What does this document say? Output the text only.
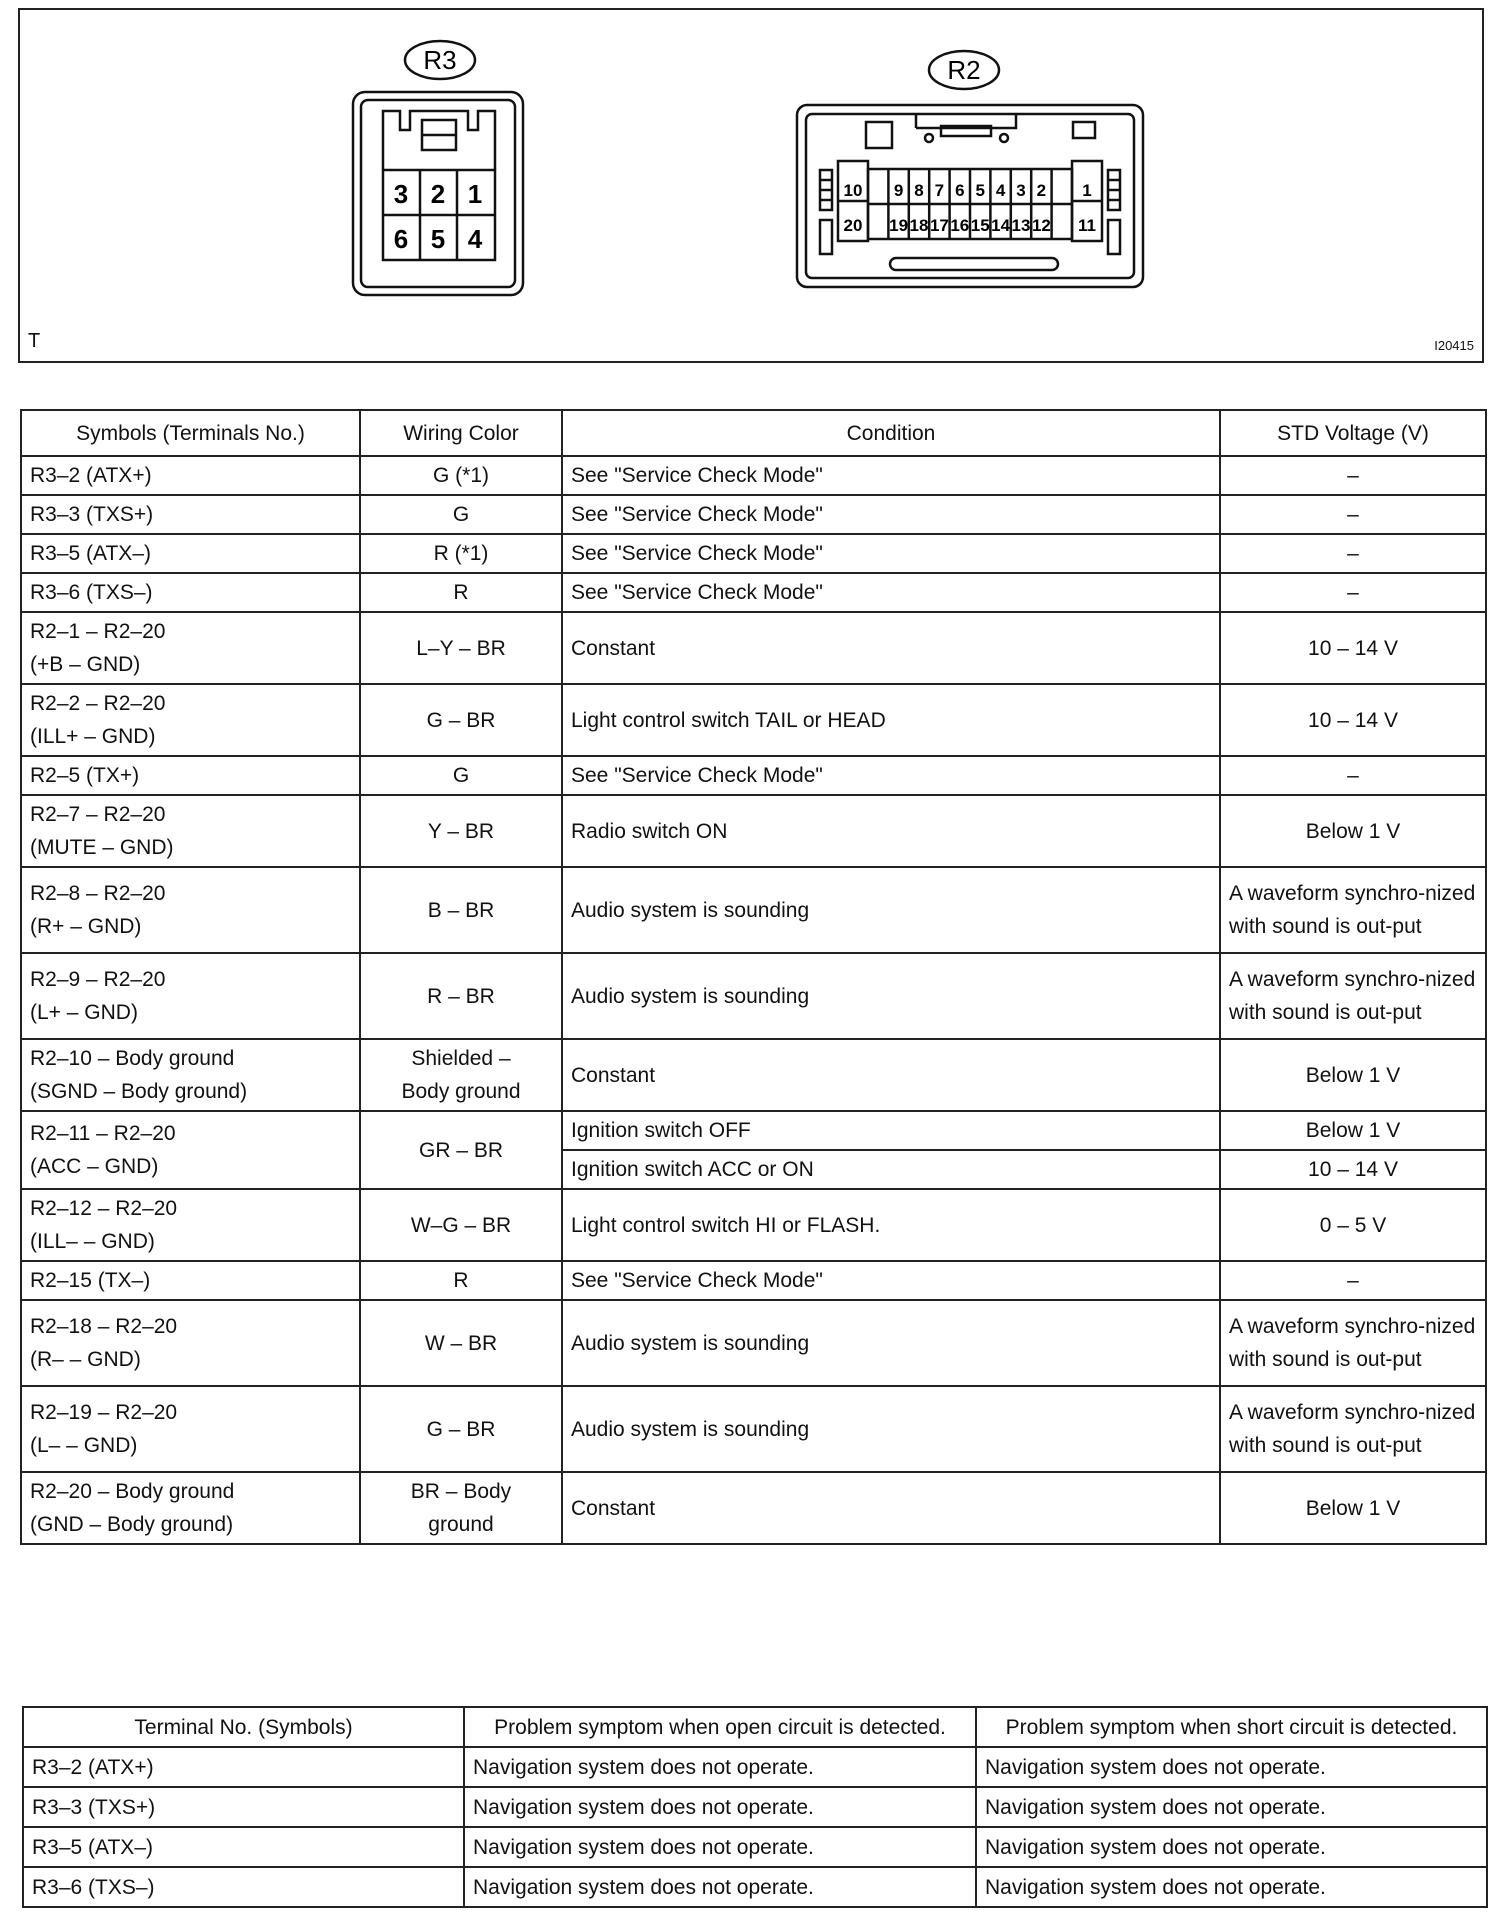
R3	R2
3
6
2
5
1
4
10 9 8 7 6 5 4 3 2 1
20 19 18 17 16 15 14 13 12 11
T	I20415
Symbols (Terminals No.)	Wiring Color	Condition	STD Voltage (V)

R3–2 (ATX+)	G (*1)	See "Service Check Mode"	–

R3–3 (TXS+)	G	See "Service Check Mode"	–

R3–5 (ATX–)	R (*1)	See "Service Check Mode"	–

R3–6 (TXS–)	R	See "Service Check Mode"	–

R2–1 – R2–20
(+B – GND)	L–Y – BR	Constant	10 – 14 V

R2–2 – R2–20
(ILL+ – GND)	G – BR	Light control switch TAIL or HEAD	10 – 14 V

R2–5 (TX+)	G	See "Service Check Mode"	–

R2–7 – R2–20
(MUTE – GND)	Y – BR	Radio switch ON	Below 1 V

R2–8 – R2–20
(R+ – GND)	B – BR	Audio system is sounding	A waveform synchro-nized with sound is out-put

R2–9 – R2–20
(L+ – GND)	R – BR	Audio system is sounding	A waveform synchro-nized with sound is out-put

R2–10 – Body ground
(SGND – Body ground)	Shielded –
Body ground	Constant	Below 1 V

R2–11 – R2–20
(ACC – GND)	GR – BR	Ignition switch OFF	Below 1 V
		Ignition switch ACC or ON	10 – 14 V

R2–12 – R2–20
(ILL– – GND)	W–G – BR	Light control switch HI or FLASH.	0 – 5 V

R2–15 (TX–)	R	See "Service Check Mode"	–

R2–18 – R2–20
(R– – GND)	W – BR	Audio system is sounding	A waveform synchro-nized with sound is out-put

R2–19 – R2–20
(L– – GND)	G – BR	Audio system is sounding	A waveform synchro-nized with sound is out-put

R2–20 – Body ground
(GND – Body ground)	BR – Body
ground	Constant	Below 1 V
Terminal No. (Symbols)	Problem symptom when open circuit is detected.	Problem symptom when short circuit is detected.
R3–2 (ATX+)	Navigation system does not operate.	Navigation system does not operate.
R3–3 (TXS+)	Navigation system does not operate.	Navigation system does not operate.
R3–5 (ATX–)	Navigation system does not operate.	Navigation system does not operate.
R3–6 (TXS–)	Navigation system does not operate.	Navigation system does not operate.
